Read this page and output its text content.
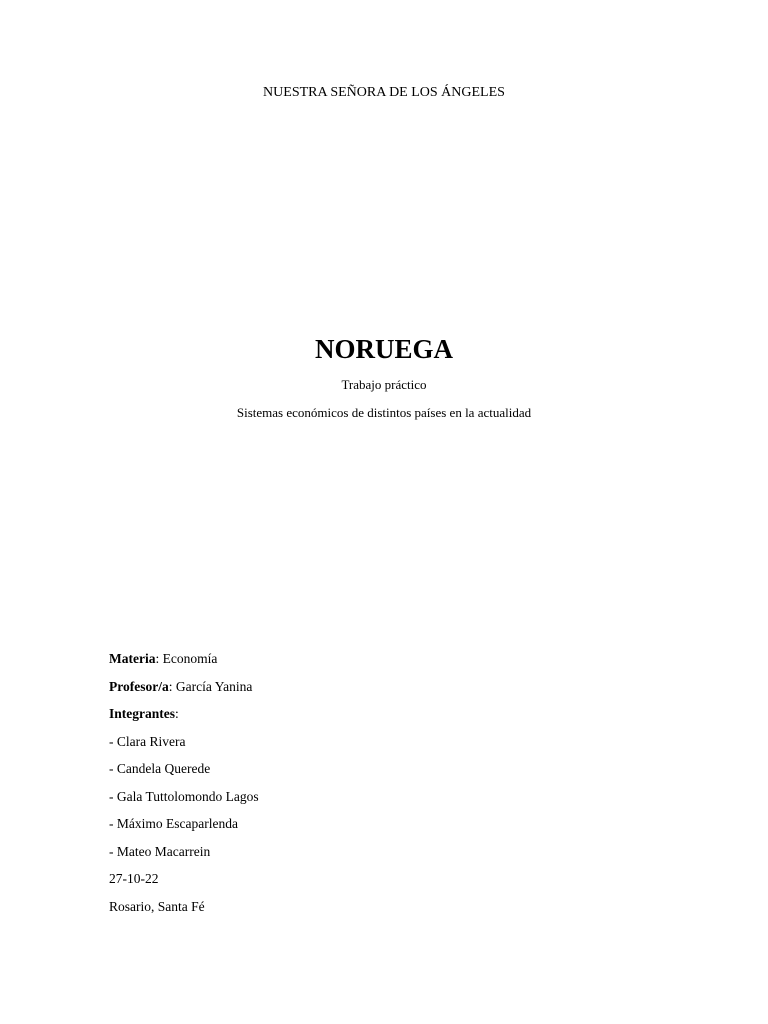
NUESTRA SEÑORA DE LOS ÁNGELES
NORUEGA
Trabajo práctico
Sistemas económicos de distintos países en la actualidad
Materia: Economía
Profesor/a: García Yanina
Integrantes:
- Clara Rivera
- Candela Querede
- Gala Tuttolomondo Lagos
- Máximo Escaparlenda
- Mateo Macarrein
27-10-22
Rosario, Santa Fé
